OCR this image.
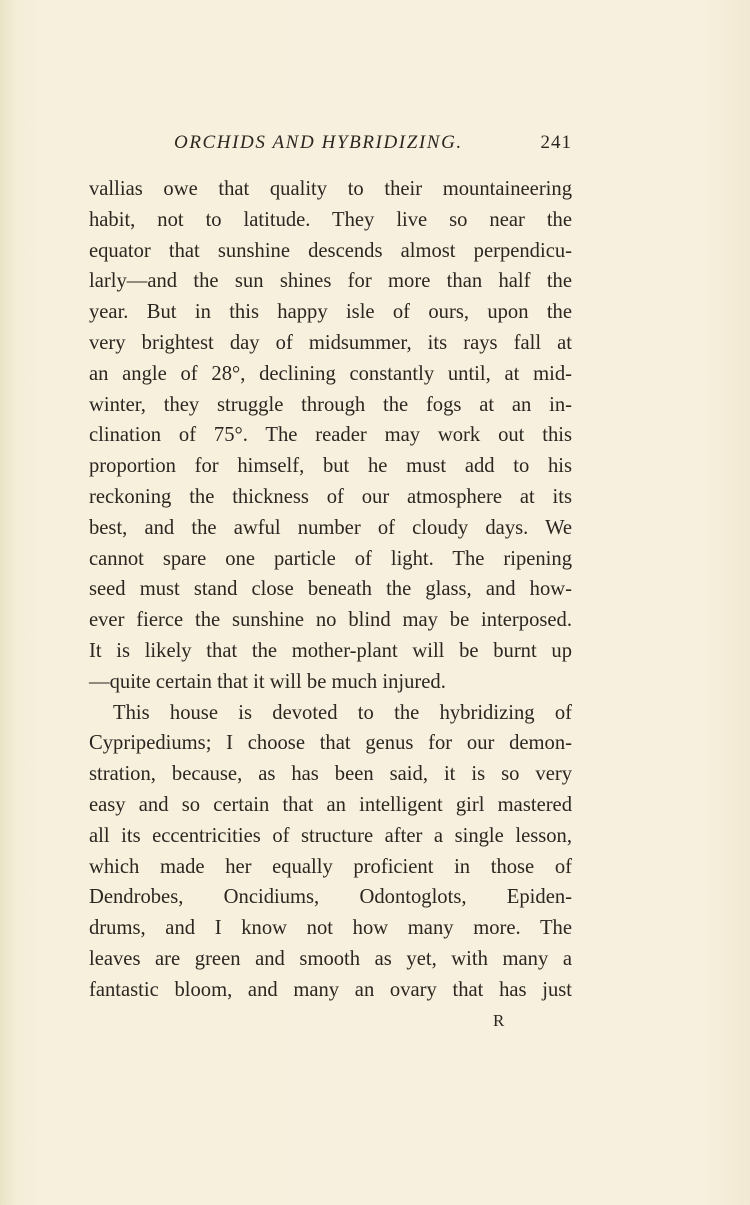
ORCHIDS AND HYBRIDIZING.	241
vallias owe that quality to their mountaineering
habit, not to latitude. They live so near the
equator that sunshine descends almost perpendicu-
larly—and the sun shines for more than half the
year. But in this happy isle of ours, upon the
very brightest day of midsummer, its rays fall at
an angle of 28°, declining constantly until, at mid-
winter, they struggle through the fogs at an in-
clination of 75°. The reader may work out this
proportion for himself, but he must add to his
reckoning the thickness of our atmosphere at its
best, and the awful number of cloudy days. We
cannot spare one particle of light. The ripening
seed must stand close beneath the glass, and how-
ever fierce the sunshine no blind may be interposed.
It is likely that the mother-plant will be burnt up
—quite certain that it will be much injured.
This house is devoted to the hybridizing of
Cypripediums; I choose that genus for our demon-
stration, because, as has been said, it is so very
easy and so certain that an intelligent girl mastered
all its eccentricities of structure after a single lesson,
which made her equally proficient in those of
Dendrobes, Oncidiums, Odontoglots, Epiden-
drums, and I know not how many more. The
leaves are green and smooth as yet, with many a
fantastic bloom, and many an ovary that has just
R
